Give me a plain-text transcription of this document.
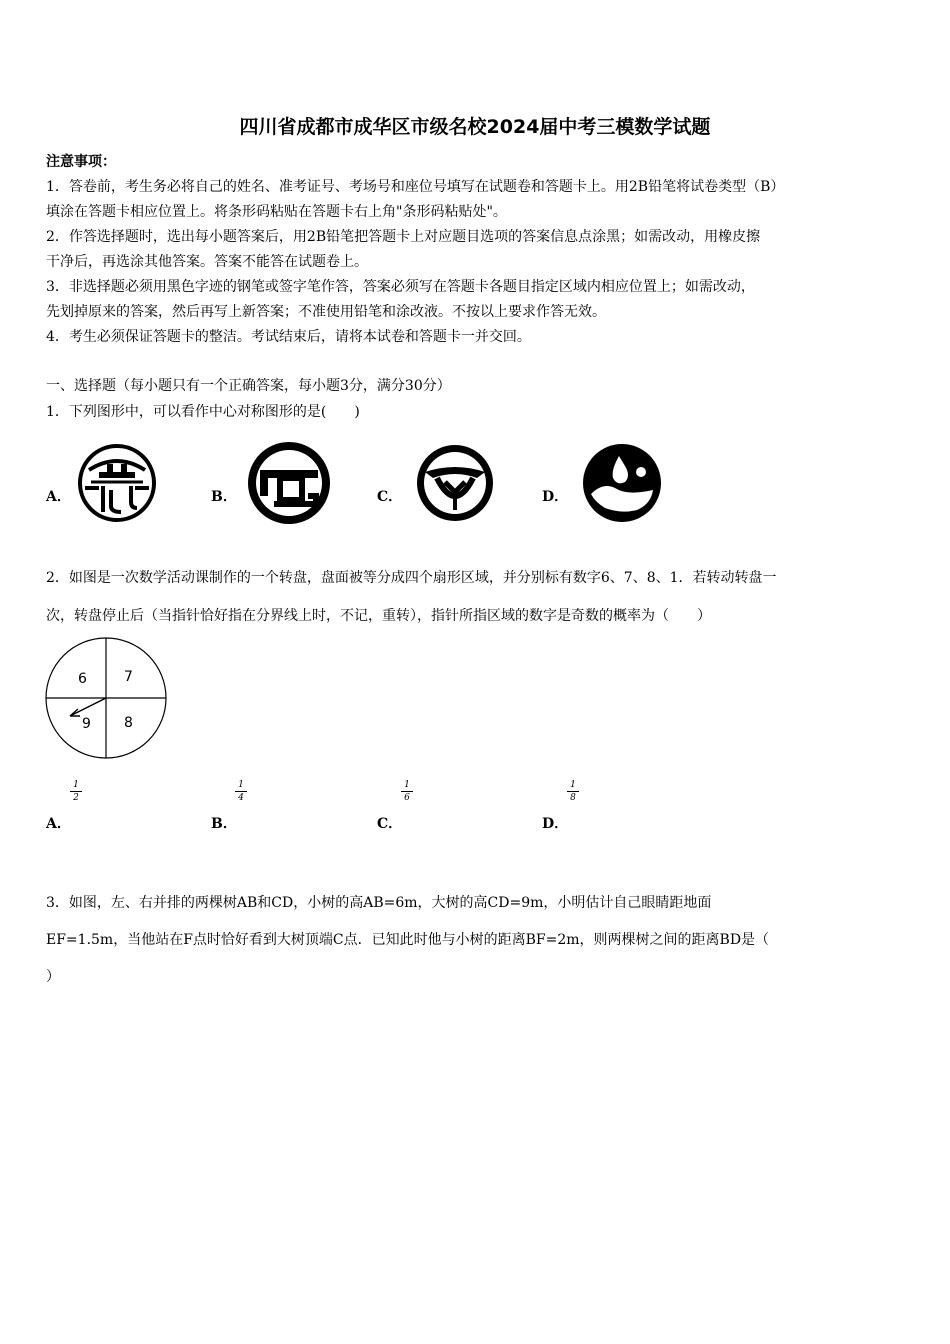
四川省成都市成华区市级名校2024届中考三模数学试题
注意事项：
1．答卷前，考生务必将自己的姓名、准考证号、考场号和座位号填写在试题卷和答题卡上。用2B铅笔将试卷类型（B）
填涂在答题卡相应位置上。将条形码粘贴在答题卡右上角"条形码粘贴处"。
2．作答选择题时，选出每小题答案后，用2B铅笔把答题卡上对应题目选项的答案信息点涂黑；如需改动，用橡皮擦
干净后，再选涂其他答案。答案不能答在试题卷上。
3．非选择题必须用黑色字迹的钢笔或签字笔作答，答案必须写在答题卡各题目指定区域内相应位置上；如需改动，
先划掉原来的答案，然后再写上新答案；不准使用铅笔和涂改液。不按以上要求作答无效。
4．考生必须保证答题卡的整洁。考试结束后，请将本试卷和答题卡一并交回。
一、选择题（每小题只有一个正确答案，每小题3分，满分30分）
1．下列图形中，可以看作中心对称图形的是(　　)
A．	B．	C．	D．
2．如图是一次数学活动课制作的一个转盘，盘面被等分成四个扇形区域，并分别标有数字6、7、8、1．若转动转盘一
次，转盘停止后（当指针恰好指在分界线上时，不记，重转），指针所指区域的数字是奇数的概率为（　　）
6	7
9 8
A．
1
2
B．
1
4
C．
1
6
D．
1
8
3．如图，左、右并排的两棵树AB和CD，小树的高AB=6m，大树的高CD=9m，小明估计自己眼睛距地面
EF=1.5m，当他站在F点时恰好看到大树顶端C点．已知此时他与小树的距离BF=2m，则两棵树之间的距离BD是（
）
